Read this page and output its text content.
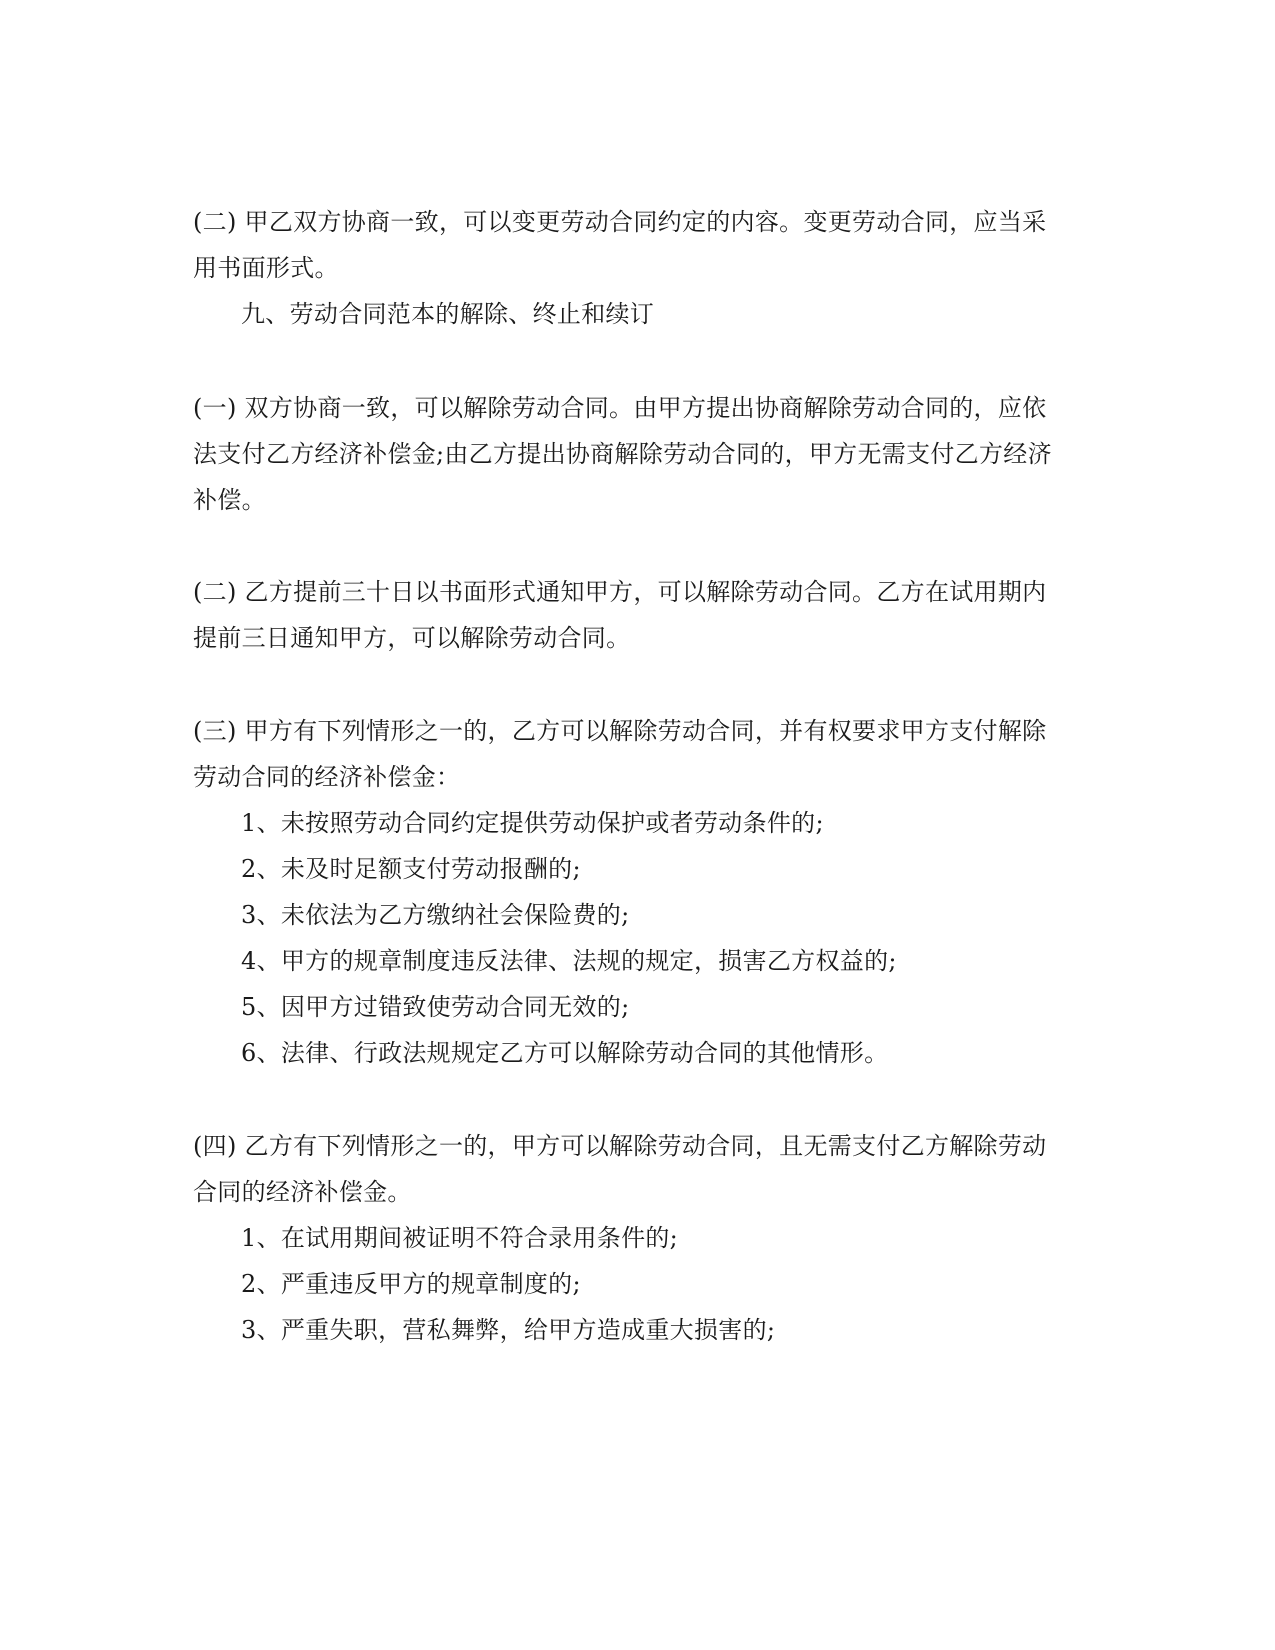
(二) 甲乙双方协商一致，可以变更劳动合同约定的内容。变更劳动合同，应当采
用书面形式。
九、劳动合同范本的解除、终止和续订
(一) 双方协商一致，可以解除劳动合同。由甲方提出协商解除劳动合同的，应依
法支付乙方经济补偿金;由乙方提出协商解除劳动合同的，甲方无需支付乙方经济
补偿。
(二) 乙方提前三十日以书面形式通知甲方，可以解除劳动合同。乙方在试用期内
提前三日通知甲方，可以解除劳动合同。
(三) 甲方有下列情形之一的，乙方可以解除劳动合同，并有权要求甲方支付解除
劳动合同的经济补偿金：
1、未按照劳动合同约定提供劳动保护或者劳动条件的;
2、未及时足额支付劳动报酬的;
3、未依法为乙方缴纳社会保险费的;
4、甲方的规章制度违反法律、法规的规定，损害乙方权益的;
5、因甲方过错致使劳动合同无效的;
6、法律、行政法规规定乙方可以解除劳动合同的其他情形。
(四) 乙方有下列情形之一的，甲方可以解除劳动合同，且无需支付乙方解除劳动
合同的经济补偿金。
1、在试用期间被证明不符合录用条件的;
2、严重违反甲方的规章制度的;
3、严重失职，营私舞弊，给甲方造成重大损害的;
